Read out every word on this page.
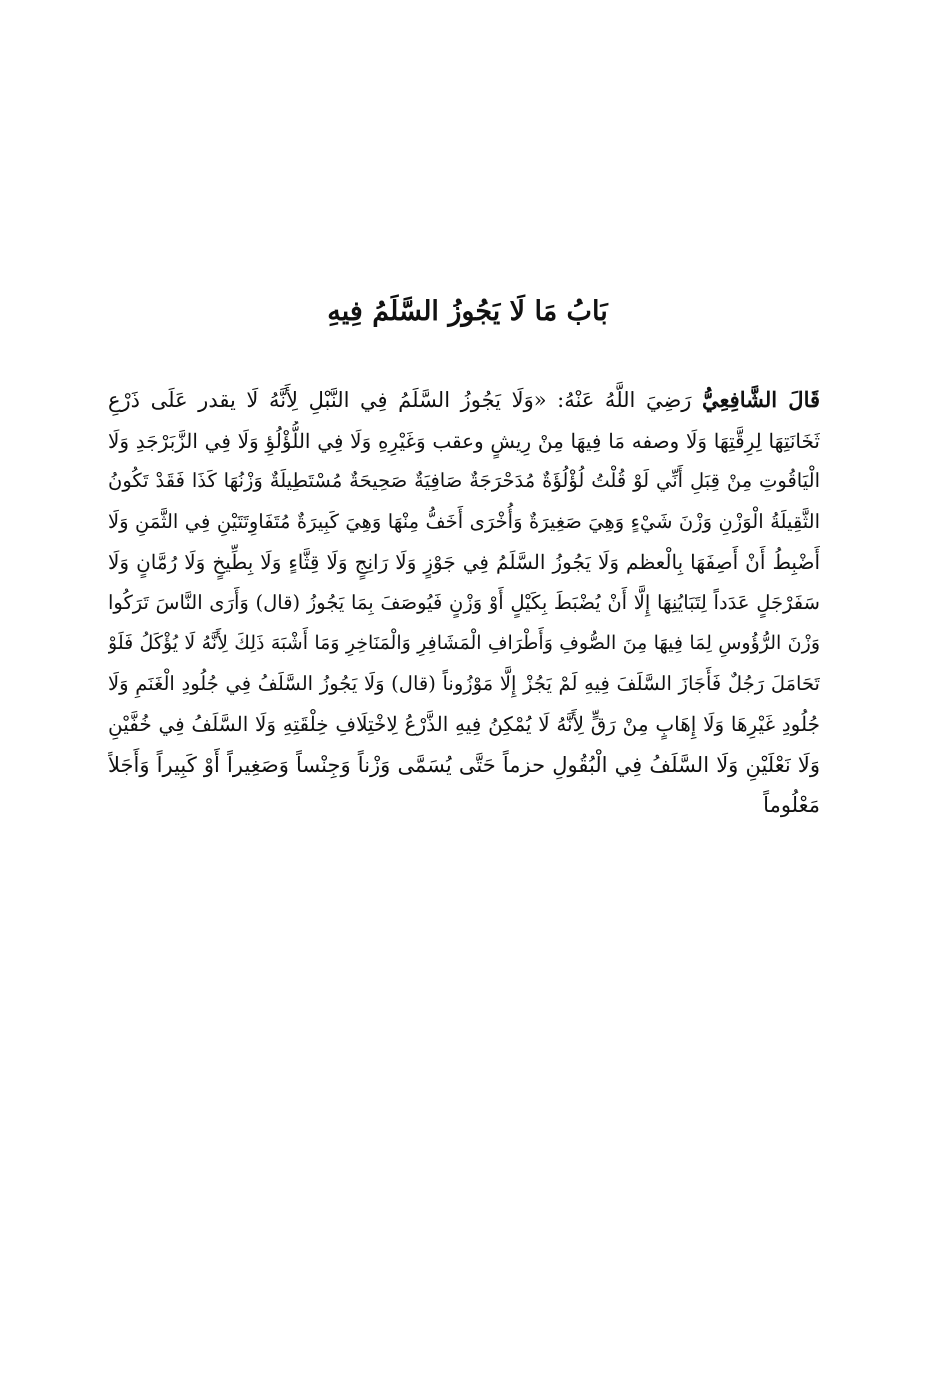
بَابُ مَا لَا يَجُوزُ السَّلَمُ فِيهِ
قَالَ الشَّافِعِيُّ رَضِيَ اللَّهُ عَنْهُ: «وَلَا يَجُوزُ السَّلَمُ فِي النَّبْلِ لِأَنَّهُ لَا يقدر عَلَى ذَرْعِ
ثَخَانَتِهَا لِرِقَّتِهَا وَلَا وصفه مَا فِيهَا مِنْ رِيشٍ وعقب وَغَيْرِهِ وَلَا فِي اللُّؤْلُؤِ وَلَا فِي الزَّبَرْجَدِ وَلَا
الْيَاقُوتِ مِنْ قِبَلِ أَنِّي لَوْ قُلْتُ لُؤْلُؤَةٌ مُدَحْرَجَةٌ صَافِيَةٌ صَحِيحَةٌ مُسْتَطِيلَةٌ وَزْنُهَا كَذَا فَقَدْ تَكُونُ
الثَّقِيلَةُ الْوَزْنِ وَزْنَ شَيْءٍ وَهِيَ صَغِيرَةٌ وَأُخْرَى أَخَفُّ مِنْهَا وَهِيَ كَبِيرَةٌ مُتَفَاوِتَتَيْنِ فِي الثَّمَنِ وَلَا
أَضْبِطُ أَنْ أَصِفَهَا بِالْعظم وَلَا يَجُوزُ السَّلَمُ فِي جَوْزٍ وَلَا رَانِجٍ وَلَا قِثَّاءٍ وَلَا بِطِّيخٍ وَلَا رُمَّانٍ وَلَا
سَفَرْجَلٍ عَدَداً لِتَبَايُنِهَا إِلَّا أَنْ يُضْبَطَ بِكَيْلٍ أَوْ وَزْنٍ فَيُوصَفَ بِمَا يَجُوزُ (قال) وَأَرَى النَّاسَ تَرَكُوا
وَزْنَ الرُّؤُوسِ لِمَا فِيهَا مِنَ الصُّوفِ وَأَطْرَافِ الْمَشَافِرِ وَالْمَنَاخِرِ وَمَا أَشْبَهَ ذَلِكَ لِأَنَّهُ لَا يُؤْكَلُ فَلَوْ
تَحَامَلَ رَجُلٌ فَأَجَازَ السَّلَفَ فِيهِ لَمْ يَجُزْ إِلَّا مَوْزُوناً (قال) وَلَا يَجُوزُ السَّلَفُ فِي جُلُودِ الْغَنَمِ وَلَا
جُلُودِ غَيْرِهَا وَلَا إِهَابٍ مِنْ رَقٍّ لِأَنَّهُ لَا يُمْكِنُ فِيهِ الذَّرْعُ لِاخْتِلَافِ خِلْقَتِهِ وَلَا السَّلَفُ فِي خُفَّيْنِ
وَلَا نَعْلَيْنِ وَلَا السَّلَفُ فِي الْبُقُولِ حزماً حَتَّى يُسَمَّى وَزْناً وَجِنْساً وَصَغِيراً أَوْ كَبِيراً وَأَجَلاً
مَعْلُوماً
